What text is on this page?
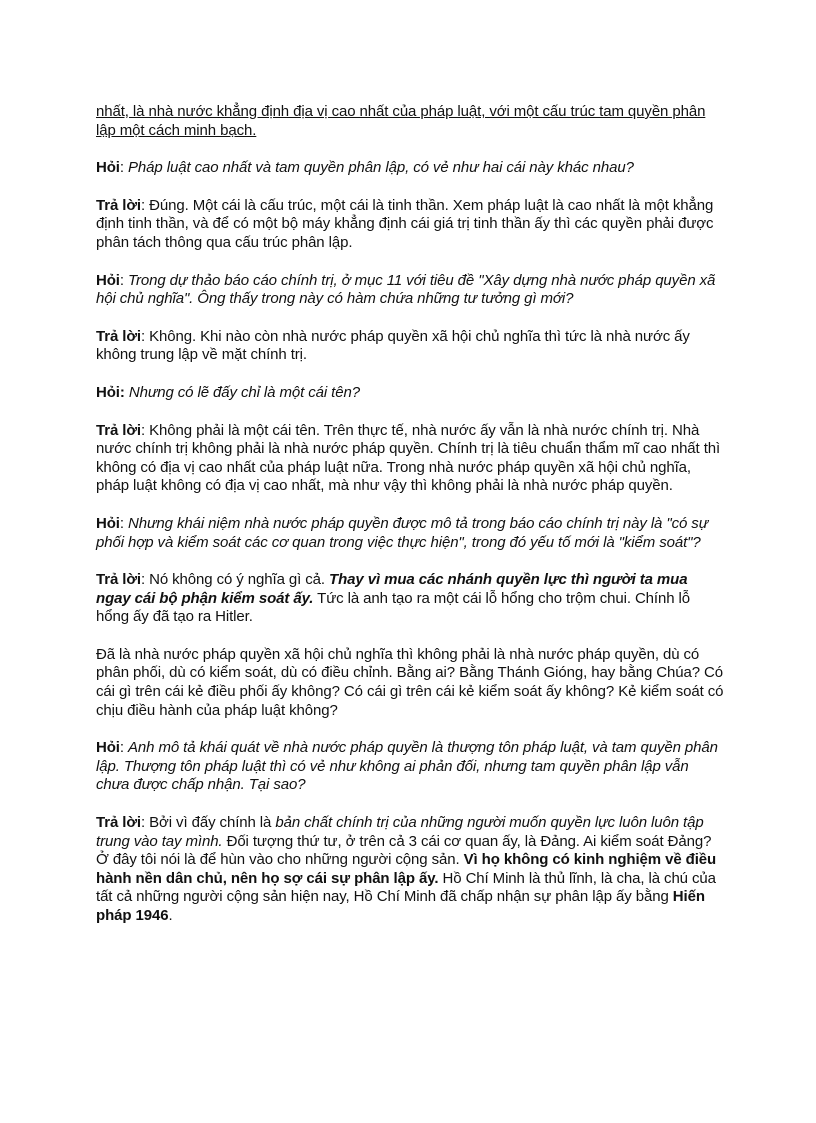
nhất, là nhà nước khẳng định địa vị cao nhất của pháp luật, với một cấu trúc tam quyền phân lập một cách minh bạch.

Hỏi: Pháp luật cao nhất và tam quyền phân lập, có vẻ như hai cái này khác nhau?

Trả lời: Đúng. Một cái là cấu trúc, một cái là tinh thần. Xem pháp luật là cao nhất là một khẳng định tinh thần, và để có một bộ máy khẳng định cái giá trị tinh thần ấy thì các quyền phải được phân tách thông qua cấu trúc phân lập.

Hỏi: Trong dự thảo báo cáo chính trị, ở mục 11 với tiêu đề "Xây dựng nhà nước pháp quyền xã hội chủ nghĩa". Ông thấy trong này có hàm chứa những tư tưởng gì mới?

Trả lời: Không. Khi nào còn nhà nước pháp quyền xã hội chủ nghĩa thì tức là nhà nước ấy không trung lập về mặt chính trị.

Hỏi: Nhưng có lẽ đấy chỉ là một cái tên?

Trả lời: Không phải là một cái tên. Trên thực tế, nhà nước ấy vẫn là nhà nước chính trị. Nhà nước chính trị không phải là nhà nước pháp quyền. Chính trị là tiêu chuẩn thẩm mĩ cao nhất thì không có địa vị cao nhất của pháp luật nữa. Trong nhà nước pháp quyền xã hội chủ nghĩa, pháp luật không có địa vị cao nhất, mà như vậy thì không phải là nhà nước pháp quyền.

Hỏi: Nhưng khái niệm nhà nước pháp quyền được mô tả trong báo cáo chính trị này là "có sự phối hợp và kiểm soát các cơ quan trong việc thực hiện", trong đó yếu tố mới là "kiểm soát"?

Trả lời: Nó không có ý nghĩa gì cả. Thay vì mua các nhánh quyền lực thì người ta mua ngay cái bộ phận kiểm soát ấy. Tức là anh tạo ra một cái lỗ hổng cho trộm chui. Chính lỗ hổng ấy đã tạo ra Hitler.

Đã là nhà nước pháp quyền xã hội chủ nghĩa thì không phải là nhà nước pháp quyền, dù có phân phối, dù có kiểm soát, dù có điều chỉnh. Bằng ai? Bằng Thánh Gióng, hay bằng Chúa? Có cái gì trên cái kẻ điều phối ấy không? Có cái gì trên cái kẻ kiểm soát ấy không? Kẻ kiểm soát có chịu điều hành của pháp luật không?

Hỏi: Anh mô tả khái quát về nhà nước pháp quyền là thượng tôn pháp luật, và tam quyền phân lập. Thượng tôn pháp luật thì có vẻ như không ai phản đối, nhưng tam quyền phân lập vẫn chưa được chấp nhận. Tại sao?

Trả lời: Bởi vì đấy chính là bản chất chính trị của những người muốn quyền lực luôn luôn tập trung vào tay mình. Đối tượng thứ tư, ở trên cả 3 cái cơ quan ấy, là Đảng. Ai kiểm soát Đảng? Ở đây tôi nói là để hùn vào cho những người cộng sản. Vì họ không có kinh nghiệm về điều hành nền dân chủ, nên họ sợ cái sự phân lập ấy. Hồ Chí Minh là thủ lĩnh, là cha, là chú của tất cả những người cộng sản hiện nay, Hồ Chí Minh đã chấp nhận sự phân lập ấy bằng Hiến pháp 1946.
